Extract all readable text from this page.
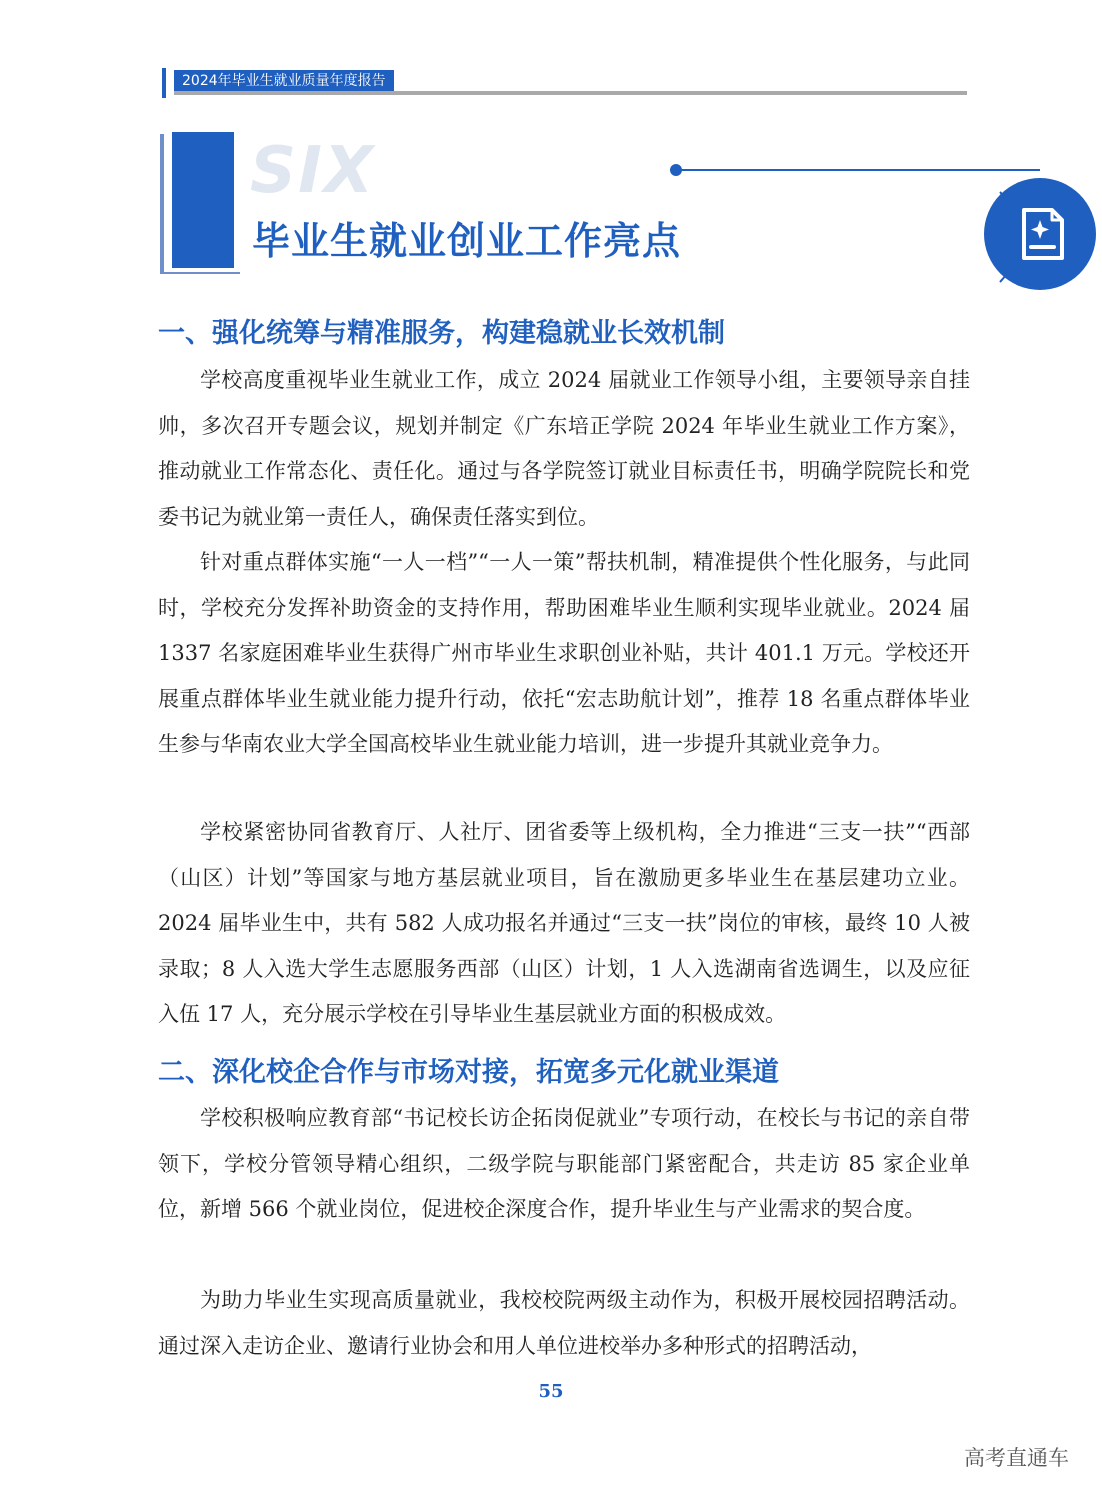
2024年毕业生就业质量年度报告
SIX
毕业生就业创业工作亮点
一、强化统筹与精准服务，构建稳就业长效机制

学校高度重视毕业生就业工作，成立 2024 届就业工作领导小组，主要领导亲自挂帅，多次召开专题会议，规划并制定《广东培正学院 2024 年毕业生就业工作方案》，推动就业工作常态化、责任化。通过与各学院签订就业目标责任书，明确学院院长和党委书记为就业第一责任人，确保责任落实到位。

针对重点群体实施“一人一档”“一人一策”帮扶机制，精准提供个性化服务，与此同时，学校充分发挥补助资金的支持作用，帮助困难毕业生顺利实现毕业就业。2024 届 1337 名家庭困难毕业生获得广州市毕业生求职创业补贴，共计 401.1 万元。学校还开展重点群体毕业生就业能力提升行动，依托“宏志助航计划”，推荐 18 名重点群体毕业生参与华南农业大学全国高校毕业生就业能力培训，进一步提升其就业竞争力。

学校紧密协同省教育厅、人社厅、团省委等上级机构，全力推进“三支一扶”“西部（山区）计划”等国家与地方基层就业项目，旨在激励更多毕业生在基层建功立业。2024 届毕业生中，共有 582 人成功报名并通过“三支一扶”岗位的审核，最终 10 人被录取；8 人入选大学生志愿服务西部（山区）计划，1 人入选湖南省选调生，以及应征入伍 17 人，充分展示学校在引导毕业生基层就业方面的积极成效。

二、深化校企合作与市场对接，拓宽多元化就业渠道

学校积极响应教育部“书记校长访企拓岗促就业”专项行动，在校长与书记的亲自带领下，学校分管领导精心组织，二级学院与职能部门紧密配合，共走访 85 家企业单位，新增 566 个就业岗位，促进校企深度合作，提升毕业生与产业需求的契合度。

为助力毕业生实现高质量就业，我校校院两级主动作为，积极开展校园招聘活动。通过深入走访企业、邀请行业协会和用人单位进校举办多种形式的招聘活动，

55
高考直通车
